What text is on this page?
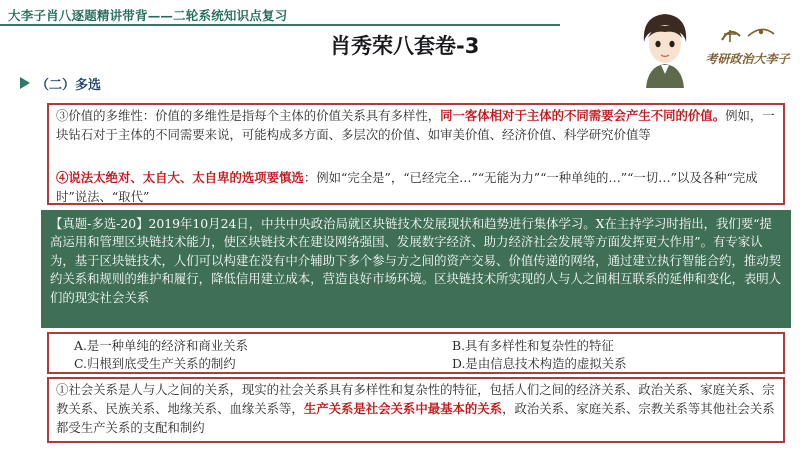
大李子肖八逐题精讲带背——二轮系统知识点复习
肖秀荣八套卷-3
考研政治大李子
（二）多选
③价值的多维性：价值的多维性是指每个主体的价值关系具有多样性，同一客体相对于主体的不同需要会产生不同的价值。例如，一块钻石对于主体的不同需要来说，可能构成多方面、多层次的价值、如审美价值、经济价值、科学研究价值等
④说法太绝对、太自大、太自卑的选项要慎选：例如“完全是”，“已经完全…”“无能为力”“一种单纯的…”“一切…”以及各种“完成时”说法、“取代”
【真题-多选-20】2019年10月24日，中共中央政治局就区块链技术发展现状和趋势进行集体学习。X在主持学习时指出，我们要“提高运用和管理区块链技术能力，使区块链技术在建设网络强国、发展数字经济、助力经济社会发展等方面发挥更大作用”。有专家认为，基于区块链技术，人们可以构建在没有中介辅助下多个参与方之间的资产交易、价值传递的网络，通过建立执行智能合约，推动契约关系和规则的维护和履行，降低信用建立成本，营造良好市场环境。区块链技术所实现的人与人之间相互联系的延伸和变化，表明人们的现实社会关系
A.是一种单纯的经济和商业关系	B.具有多样性和复杂性的特征
C.归根到底受生产关系的制约	D.是由信息技术构造的虚拟关系
①社会关系是人与人之间的关系，现实的社会关系具有多样性和复杂性的特征，包括人们之间的经济关系、政治关系、家庭关系、宗教关系、民族关系、地缘关系、血缘关系等，生产关系是社会关系中最基本的关系，政治关系、家庭关系、宗教关系等其他社会关系都受生产关系的支配和制约
